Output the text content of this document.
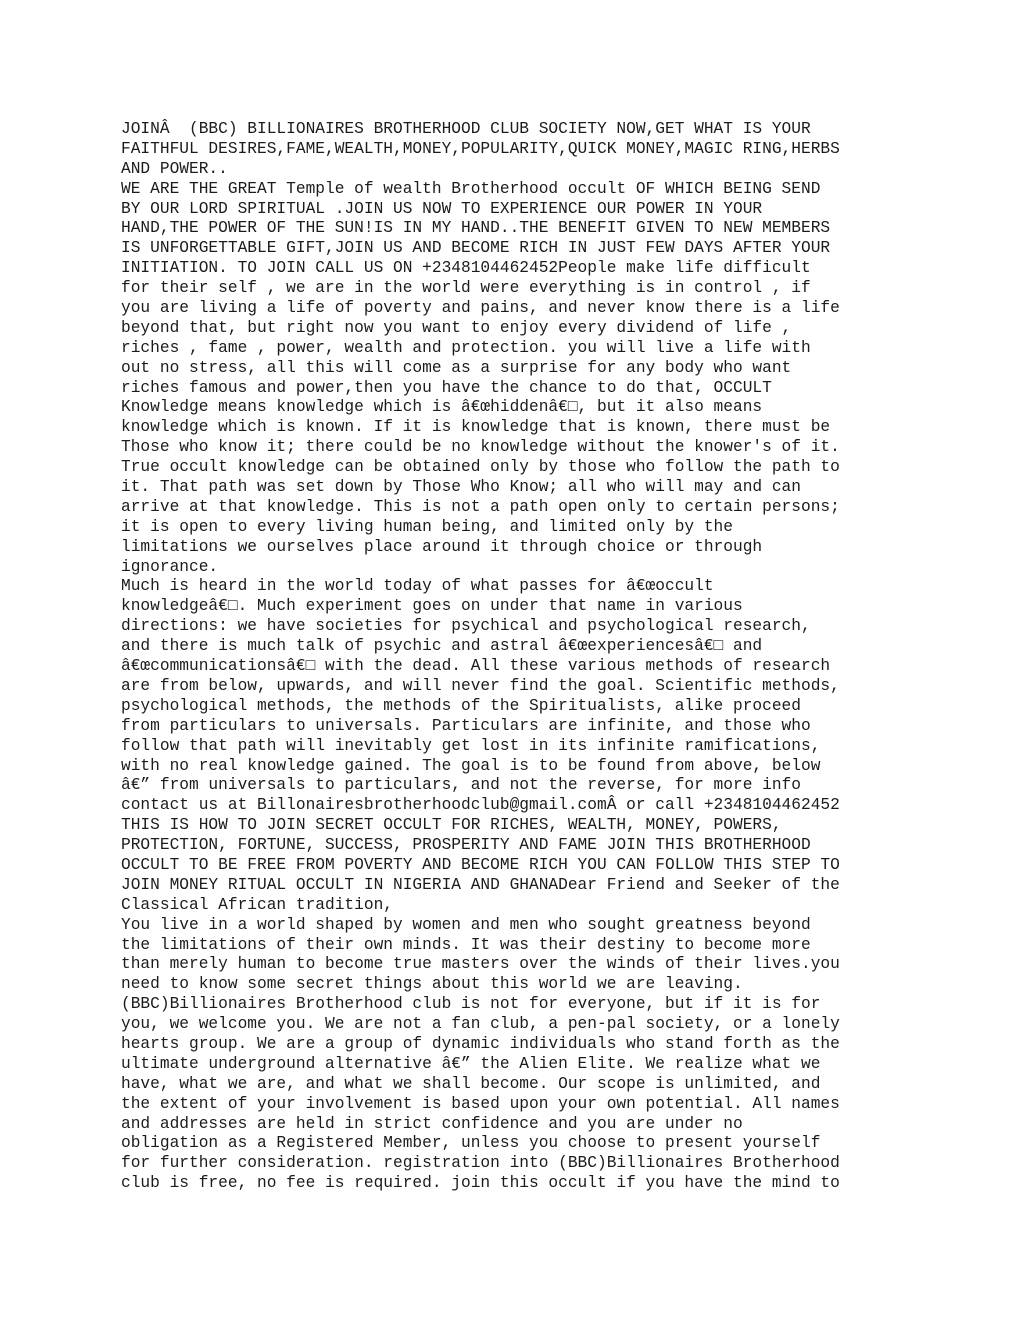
JOINÂ  (BBC) BILLIONAIRES BROTHERHOOD CLUB SOCIETY NOW,GET WHAT IS YOUR
FAITHFUL DESIRES,FAME,WEALTH,MONEY,POPULARITY,QUICK MONEY,MAGIC RING,HERBS
AND POWER..
WE ARE THE GREAT Temple of wealth Brotherhood occult OF WHICH BEING SEND
BY OUR LORD SPIRITUAL .JOIN US NOW TO EXPERIENCE OUR POWER IN YOUR
HAND,THE POWER OF THE SUN!IS IN MY HAND..THE BENEFIT GIVEN TO NEW MEMBERS
IS UNFORGETTABLE GIFT,JOIN US AND BECOME RICH IN JUST FEW DAYS AFTER YOUR
INITIATION. TO JOIN CALL US ON +2348104462452People make life difficult
for their self , we are in the world were everything is in control , if
you are living a life of poverty and pains, and never know there is a life
beyond that, but right now you want to enjoy every dividend of life ,
riches , fame , power, wealth and protection. you will live a life with
out no stress, all this will come as a surprise for any body who want
riches famous and power,then you have the chance to do that, OCCULT
Knowledge means knowledge which is â€œhiddenâ€□, but it also means
knowledge which is known. If it is knowledge that is known, there must be
Those who know it; there could be no knowledge without the knower's of it.
True occult knowledge can be obtained only by those who follow the path to
it. That path was set down by Those Who Know; all who will may and can
arrive at that knowledge. This is not a path open only to certain persons;
it is open to every living human being, and limited only by the
limitations we ourselves place around it through choice or through
ignorance.
Much is heard in the world today of what passes for â€œoccult
knowledgeâ€□. Much experiment goes on under that name in various
directions: we have societies for psychical and psychological research,
and there is much talk of psychic and astral â€œexperiencesâ€□ and
â€œcommunicationsâ€□ with the dead. All these various methods of research
are from below, upwards, and will never find the goal. Scientific methods,
psychological methods, the methods of the Spiritualists, alike proceed
from particulars to universals. Particulars are infinite, and those who
follow that path will inevitably get lost in its infinite ramifications,
with no real knowledge gained. The goal is to be found from above, below
â€” from universals to particulars, and not the reverse, for more info
contact us at Billonairesbrotherhoodclub@gmail.comÂ or call +2348104462452
THIS IS HOW TO JOIN SECRET OCCULT FOR RICHES, WEALTH, MONEY, POWERS,
PROTECTION, FORTUNE, SUCCESS, PROSPERITY AND FAME JOIN THIS BROTHERHOOD
OCCULT TO BE FREE FROM POVERTY AND BECOME RICH YOU CAN FOLLOW THIS STEP TO
JOIN MONEY RITUAL OCCULT IN NIGERIA AND GHANADear Friend and Seeker of the
Classical African tradition,
You live in a world shaped by women and men who sought greatness beyond
the limitations of their own minds. It was their destiny to become more
than merely human to become true masters over the winds of their lives.you
need to know some secret things about this world we are leaving.
(BBC)Billionaires Brotherhood club is not for everyone, but if it is for
you, we welcome you. We are not a fan club, a pen-pal society, or a lonely
hearts group. We are a group of dynamic individuals who stand forth as the
ultimate underground alternative â€” the Alien Elite. We realize what we
have, what we are, and what we shall become. Our scope is unlimited, and
the extent of your involvement is based upon your own potential. All names
and addresses are held in strict confidence and you are under no
obligation as a Registered Member, unless you choose to present yourself
for further consideration. registration into (BBC)Billionaires Brotherhood
club is free, no fee is required. join this occult if you have the mind to
